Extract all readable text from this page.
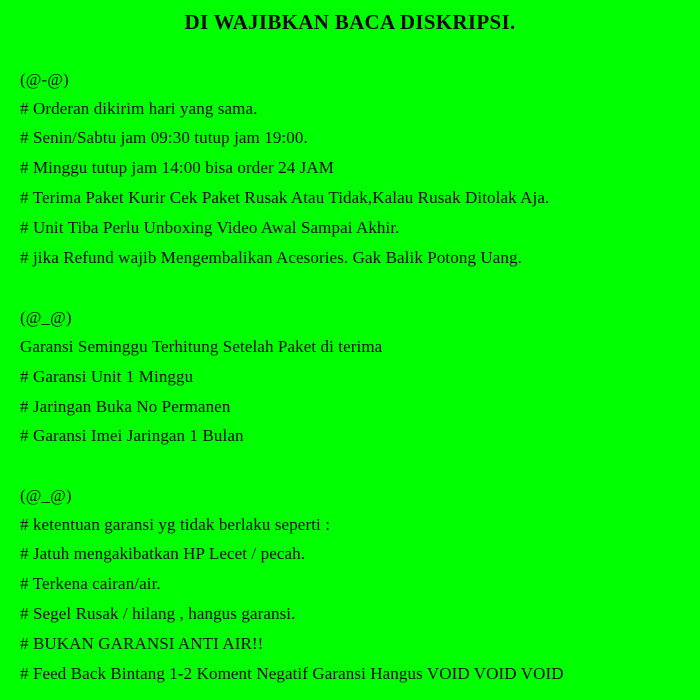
DI WAJIBKAN BACA DISKRIPSI.
(@-@)
# Orderan dikirim hari yang sama.
# Senin/Sabtu jam 09:30 tutup jam 19:00.
# Minggu tutup jam 14:00 bisa order 24 JAM
# Terima Paket Kurir Cek Paket Rusak Atau Tidak,Kalau Rusak Ditolak Aja.
# Unit Tiba Perlu Unboxing Video Awal Sampai Akhir.
# jika Refund wajib Mengembalikan Acesories. Gak Balik Potong Uang.
(@_@)
Garansi Seminggu Terhitung Setelah Paket di terima
# Garansi Unit 1 Minggu
# Jaringan Buka No Permanen
# Garansi Imei Jaringan 1 Bulan
(@_@)
# ketentuan garansi yg tidak berlaku seperti :
# Jatuh mengakibatkan HP Lecet / pecah.
# Terkena cairan/air.
# Segel Rusak / hilang , hangus garansi.
# BUKAN GARANSI ANTI AIR!!
# Feed Back Bintang 1-2 Koment Negatif Garansi Hangus VOID VOID VOID
